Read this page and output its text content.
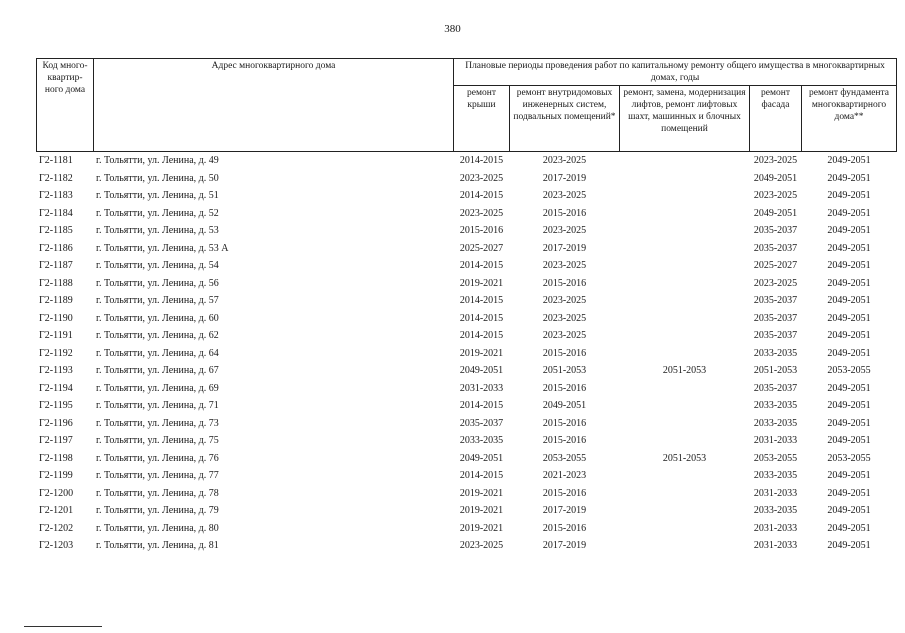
380
Код много-квартир-ного дома	Адрес многоквартирного дома	Плановые периоды проведения работ по капитальному ремонту общего имущества в многоквартирных домах, годы				
		ремонт крыши	ремонт внутридомовых инженерных систем, подвальных помещений*	ремонт, замена, модернизация лифтов, ремонт лифтовых шахт, машинных и блочных помещений	ремонт фасада	ремонт фундамента многоквартирного дома**
Г2-1181	г. Тольятти, ул. Ленина, д. 49	2014-2015	2023-2025		2023-2025	2049-2051
Г2-1182	г. Тольятти, ул. Ленина, д. 50	2023-2025	2017-2019		2049-2051	2049-2051
Г2-1183	г. Тольятти, ул. Ленина, д. 51	2014-2015	2023-2025		2023-2025	2049-2051
Г2-1184	г. Тольятти, ул. Ленина, д. 52	2023-2025	2015-2016		2049-2051	2049-2051
Г2-1185	г. Тольятти, ул. Ленина, д. 53	2015-2016	2023-2025		2035-2037	2049-2051
Г2-1186	г. Тольятти, ул. Ленина, д. 53 А	2025-2027	2017-2019		2035-2037	2049-2051
Г2-1187	г. Тольятти, ул. Ленина, д. 54	2014-2015	2023-2025		2025-2027	2049-2051
Г2-1188	г. Тольятти, ул. Ленина, д. 56	2019-2021	2015-2016		2023-2025	2049-2051
Г2-1189	г. Тольятти, ул. Ленина, д. 57	2014-2015	2023-2025		2035-2037	2049-2051
Г2-1190	г. Тольятти, ул. Ленина, д. 60	2014-2015	2023-2025		2035-2037	2049-2051
Г2-1191	г. Тольятти, ул. Ленина, д. 62	2014-2015	2023-2025		2035-2037	2049-2051
Г2-1192	г. Тольятти, ул. Ленина, д. 64	2019-2021	2015-2016		2033-2035	2049-2051
Г2-1193	г. Тольятти, ул. Ленина, д. 67	2049-2051	2051-2053	2051-2053	2051-2053	2053-2055
Г2-1194	г. Тольятти, ул. Ленина, д. 69	2031-2033	2015-2016		2035-2037	2049-2051
Г2-1195	г. Тольятти, ул. Ленина, д. 71	2014-2015	2049-2051		2033-2035	2049-2051
Г2-1196	г. Тольятти, ул. Ленина, д. 73	2035-2037	2015-2016		2033-2035	2049-2051
Г2-1197	г. Тольятти, ул. Ленина, д. 75	2033-2035	2015-2016		2031-2033	2049-2051
Г2-1198	г. Тольятти, ул. Ленина, д. 76	2049-2051	2053-2055	2051-2053	2053-2055	2053-2055
Г2-1199	г. Тольятти, ул. Ленина, д. 77	2014-2015	2021-2023		2033-2035	2049-2051
Г2-1200	г. Тольятти, ул. Ленина, д. 78	2019-2021	2015-2016		2031-2033	2049-2051
Г2-1201	г. Тольятти, ул. Ленина, д. 79	2019-2021	2017-2019		2033-2035	2049-2051
Г2-1202	г. Тольятти, ул. Ленина, д. 80	2019-2021	2015-2016		2031-2033	2049-2051
Г2-1203	г. Тольятти, ул. Ленина, д. 81	2023-2025	2017-2019		2031-2033	2049-2051
